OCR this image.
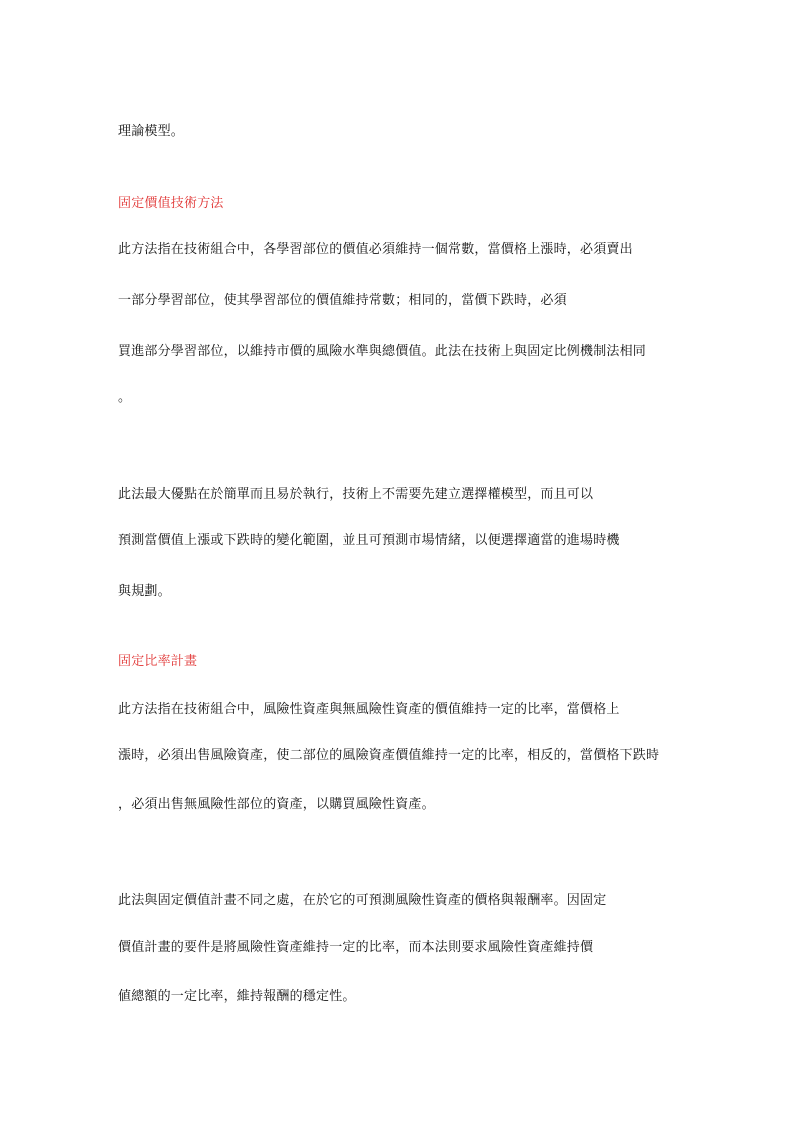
理論模型。
固定價值技術方法
此方法指在技術組合中，各學習部位的價值必須維持一個常數，當價格上漲時，必須賣出
一部分學習部位，使其學習部位的價值維持常數；相同的，當價下跌時，必須
買進部分學習部位，以維持市價的風險水準與總價值。此法在技術上與固定比例機制法相同
。
此法最大優點在於簡單而且易於執行，技術上不需要先建立選擇權模型，而且可以
預測當價值上漲或下跌時的變化範圍，並且可預測市場情緒，以便選擇適當的進場時機
與規劃。
固定比率計畫
此方法指在技術組合中，風險性資產與無風險性資產的價值維持一定的比率，當價格上
漲時，必須出售風險資產，使二部位的風險資產價值維持一定的比率，相反的，當價格下跌時
，必須出售無風險性部位的資產，以購買風險性資產。
此法與固定價值計畫不同之處，在於它的可預測風險性資產的價格與報酬率。因固定
價值計畫的要件是將風險性資產維持一定的比率，而本法則要求風險性資產維持價
値總額的一定比率，維持報酬的穩定性。
